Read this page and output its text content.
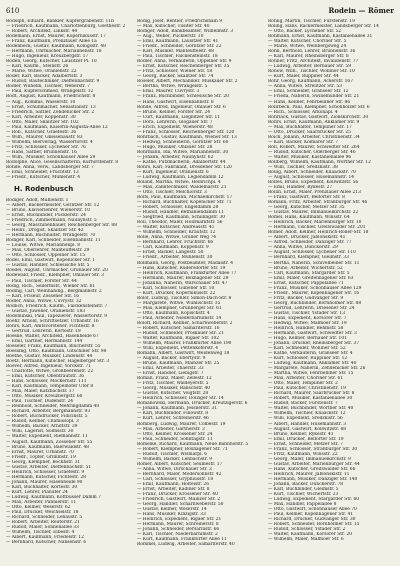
610	Rodein — Römer
Rodolph, Eduard, Bankier, Kupfergrabenstr. 11b
— Friedrich, Kaufmann, Charlottenburg, Goethestr. 2
— Robert, Architekt, Linkstr. 44
Rodemann, Ernst, Maurer, Kopernikusstr. 17
— Franz, Kaufmann, Prenzlauer Allee 1a
Rodenbeck, Gustav, Kaufmann, Königsstr. 48
— Hermann, Uhrmacher, Mariannenstr. 18
— Hugo, Ingenieur, Kreuzbergstr. 17
Roden, Georg, Kutscher, Lausitzer Pl. 10
— Karl, Kaufm., Steinstr. 26
— Marie, Witwe, Oranienstr. 22
Roder, Karl, Bäcker, Adalbertstr. 3
— Rudolf, Bautechniker, Dieffenbachstr. 9
Rodler, Wilhelm, Tischler, Weberstr. 7
— Paul, Kupferschmied, Wrangelstr. 12
Rodt, August, Kaufmann, Friedrichstr. 8
— Aug., Kommis, Wasserstr. 10
— Ernst, Schuhmacher, Sebastianstr. 13
— Friedrich, Sattler, Zehdenicker Str. 2
— Karl, Arbeiter, Koppenstr. 30
— Otto, Maler, Skalitzer Str. 102
— Paul, Kaufmann, Kaiserin-Augusta-Allee 12
— Rob., Kutscher, Graefestr. 36
— Wilh., Maurer, Gneisenaustr. 83
— Wilhelm, Bierverlag, Wassertorstr. 4
— Fritz, Schlosser, Lychener Str. 76
— Hans, Sattler, Brunnenstr. 16
— Wilh., Musiker, Schönhauser Allee 59
Rodolphe, Alice, Gesellschafterin, Kurfürstenstr. 8
Rohde, Anna, Verw., Landsberger Str. 7
— Emil, Schneider, Fruchtstr. 13
— Friedr., Kutscher, Mühlenstr. 4
H. Rodenbusch
Rödiger, Adolf, Mühlenstr. 1
— Albert, Bäckermeister, Görlitzer Str. 12
— Bruno, Klavierlehrer, Wienerstr. 10
— Ernst, Buchbinder, Pücklerstr. 24
— Friedrich, Zimmermann, Naunynstr. 5
— Georg, Maschinenbauer, Reichenberger Str. 88
— Heinr., Drogist, Skalitzer Str. 42
— Hermann, Buchhalter, Wrangelstr. 70
Rödiger, Karl, Schneider, Eisenbahnstr. 11
— Louise, Witwe, Mariannenpl. 8
— Max, Oberlehrer, Manteuffelstr. 29
— Otto, Schlosser, Oppelner Str. 15
Rödel, Emil, Gastwirt, Köpenicker Str. 1
— Gustav, Händler, Schlesische Str. 5
Roedel, August, Uhrmacher, Grünauer Str. 20
Rodewald, Friedr., Klempner, Ohlauer Str. 3
— Paul, Tischler, Forster Str. 44
Rodig, Rich., Seilermstr., Wiener Str. 61
Röding, Carl, Weinhandlg., Bergmannstr. 2
— Karl, Friseur, Zossener Str. 16
Rodler, Anna, Witwe, Cuvrystr. 32
Rodlich, Friedrich, Kaufm., Falckensteinstr. 7
— Gustav, Juwelier, Oranienstr. 183
Rodominski, Paul, Tapezierer, Wassertorstr. 9
Roehr, Arnold, Schriftsetzer, Urbanstr. 16
Rohrs, Karl, Amtsvorsteher, Fichtestr. 8
— Gertrud, Lehrerin, Körtestr. 19
Roeske, Walter, Architekt, Hasenheide 67
— Emil, Gärtner, Hermannstr. 144
Roeseler, Franz, Kaufmann, Blücherstr. 55
Roessing, Otto, Kaufmann, Gitschiner Str. 98
Roethe, Gustav, Musiker, Lindenstr. 44
Roetz, Hermann, Kutscher, Hagelberger Str. 3
Roever, Alfred, Ingenieur, Yorckstr. 71
— Charlotte, Witwe, Großbeerenstr. 22
— Emil, Kutscher, Obentrautstr. 36
— Hans, Schlosser, Möckernstr. 111
— Karl, Kaufmann, Tempelhofer Ufer 8
— Max, Maler, Katzbachstr. 17
— Otto, Musiker, Kreuzbergstr. 60
— Paul, Tischler, Dudenstr. 24
— Reinhold, Schneider, Mehringdamm 40
— Richard, Arbeiter, Bergmannstr. 93
— Robert, Buchdrucker, Fidicinstr. 5
— Rudolf, Kellner, Chamissopl. 3
— Wilhelm, Bäcker, Arndtstr. 39
— Willi, Lagerist, Solmsstr. 30
— Walter, Expedient, Riemannstr. 11
— August, Kaufmann, Zossener Str. 55
— Bruno, Kaufmann, Baerwaldstr. 48
— Ernst, Maurer, Urbanstr. 70
— Friedr., Töpfer, Grimmstr. 19
— Georg, Klempner, Böckhstr. 31
— Gustav, Arbeiter, Dieffenbachstr. 51
— Heinrich, Schlosser, Graefestr. 9
— Hermann, Kutscher, Fichtestr. 28
— Johann, Maurer, Hasenheide 90
— Karl, Buchhalter, Körtestr. 30
— Kurt, Lehrer, Planufer 24
— Ludwig, Kaufmann, Kottbusser Damm 7
— Max, Arbeiter, Pannierstr. 11
— Otto, Kellner, Weserstr. 62
— Paul, Drucker, Weichselstr. 18
— Richard, Schneider, Lenaustr. 5
— Robert, Arbeiter, Reuterstr. 21
— Rudolf, Maler, Sonnenallee 33
— Wilhelm, Tischler, Elbestr. 4
— Albert, Kaufmann, Friedelstr. 12
— Bernhard, Kutscher, Nansenstr. 6
Rodig, Josef, Rentier, Friedrichshain 9
— Max, Kutscher, Tilsiter Str. 40
Rödiger, Adolf, Bankbeamter, Wilhelmstr. 3
— Aug., Weber, Pücklerstr. 10
— Emil, Kaufmann, Lausitzer Str. 41
— Friedr., Schneider, Görlitzer Str. 22
— Karl, Musiker, Manteuffelstr. 48
— Paul, Tischler, Falckensteinstr. 18
Rödler, Anna, Verkäuferin, Oppelner Str. 9
— Ernst, Kutscher, Reichenberger Str. 35
— Fritz, Schlosser, Wiener Str. 18
— Georg, Bäcker, Skalitzer Str. 74
Röseler, Albert, Mechaniker, Muskauer Str. 2
— Bertha, Witwe, Wrangelstr. 5
— Emil, Maurer, Cuvrystr. 3
— Franz, Buchbinder, Schlesische Str. 20
— Hans, Gastwirt, Eisenbahnstr. 8
Rohde, Alfred, Ingenieur, Ohlauer Str. 6
— Bruno, Kellner, Forster Str. 24
— Curt, Kaufmann, Liegnitzer Str. 11
— Dora, Lehrerin, Glogauer Str. 7
— Erich, Expedient, Wienerstr. 48
— Franz, Schlosser, Reichenberger Str. 120
Rohrbach, Gustav, Kaufmann, Wiener Str. 13
— Hedwig, Schneiderin, Görlitzer Str. 60
— Hugo, Musiker, Ohlauer Str. 28
Rohrmann, Ida, Witwe, Mariannenstr. 30
— Johann, Arbeiter, Naunynstr. 62
— Käthe, Putzmacherin, Adalbertstr. 44
Rohrs, Karl, Fabrikant, Dresdener Str. 120
— Kurt, Ingenieur, Oranienstr. 6
— Ludwig, Kaufmann, Legiendamm 12
Roland, Martha, Witwe, Heinrichpl. 4
— Max, Zahntechniker, Waldemarstr. 21
— Otto, Tischler, Melchiorstr. 3
Rolfs, Paul, Kaufmann, Michaelkirchstr. 17
— Richard, Buchhalter, Köpenicker Str. 71
— Robert, Schlosser, Engeldamm 28
— Rudolf, Händler, Bethaniendamm 11
— Siegfried, Kaufmann, Schillingstr. 30
Roll, Theodor, Maler, Holzmarktstr. 56
— Walter, Kutscher, Andreasstr. 41
— Wilhelm, Schneider, Krautstr. 12
Rolle, Anna, Witwe, Grüner Weg 74
— Bernhard, Lehrer, Fruchtstr. 66
— Carl, Kaufmann, Koppenstr. 9
— Ernst, Bäcker, Langestr. 50
— Friedr., Arbeiter, Mühlenstr. 30
Rollmann, Georg, Postbeamter, Madaistr. 4
— Hans, Kutscher, Rüdersdorfer Str. 19
— Heinrich, Kaufmann, Frankfurter Allee 77
— Hermann, Maurer, Boxhagener Str. 29
— Johanna, Näherin, Warschauer Str. 47
— Karl, Schlosser, Gubener Str. 10
— Kurt, Drucker, Kopernikusstr. 22
Rolof, Ludwig, Tischler, Simon-Dach-Str. 8
— Margarete, Witwe, Wühlischstr. 35
— Max, Klempner, Grünberger Str. 61
— Otto, Kaufmann, Kopischstr. 4
— Paul, Arbeiter, Niederbarnimstr. 14
Roloff, Richard, Kellner, Scharnweberstr. 2
— Robert, Kutscher, Samariterstr. 16
— Rudolf, Schneider, Proskauer Str. 21
— Walter, Kaufmann, Rigaer Str. 102
— Wilhelm, Maurer, Frankfurter Allee 190
— Willi, Expedient, Pettenkoferstr. 4
Romahn, Albert, Gastwirt, Weidenweg 18
— August, Bäcker, Ebertystr. 9
— Bruno, Kaufmann, Mainzer Str. 25
— Emil, Arbeiter, Thaerstr. 33
— Ernst, Händler, Liebigstr. 7
Roman, Franz, Maler, Zellestr. 12
— Fritz, Tischler, Waldeyerstr. 5
— Georg, Musiker, Bänschstr. 40
— Gustav, Kutscher, Voigtstr. 28
— Heinrich, Schlosser, Dolziger Str. 14
Romanowski, Hermann, Drucker, Kreutzigerstr. 6
— Johann, Kaufmann, Jessnerstr. 31
— Karl, Buchbinder, Finowstr. 8
— Kurt, Lehrer, Schreinerstr. 46
Romberg, Ludwig, Maurer, Colbestr. 19
— Max, Arbeiter, Gärtnerstr. 3
— Otto, Kellner, Krossener Str. 24
— Paul, Schneider, Sonntagstr. 11
Romeike, Richard, Kaufmann, Neue Bahnhofstr. 5
— Robert, Klempner, Boxhagener Str. 71
— Rudolf, Tischler, Wismarpl. 6
— Wilhelm, Bäcker, Lenbachstr. 9
Römer, Albert, Kutscher, Seumestr. 17
— Anna, Witwe, Dirschauer Str. 3
— Bernhard, Maler, Modersohnstr. 42
— Carl, Schlosser, Gryphiusstr. 18
— Emil, Kaufmann, Holteistr. 26
— Ernst, Arbeiter, Kadiner Str. 8
— Franz, Drucker, Krossener Str. 40
— Friedrich, Gastwirt, Mainzer Str. 2
— Georg, Händler, Scharnweberstr. 50
— Gustav, Kellner, Weserstr. 14
— Hans, Musiker, Kinzigstr. 33
— Heinrich, Expedient, Rigaer Str. 21
— Hermann, Maurer, Schreinerstr. 8
— Johann, Schneider, Bersarinstr. 66
— Karl, Tischler, Niederbarnimstr. 2
— Kurt, Kaufmann, Frankfurter Allee 11
Rommel, Ludwig, Arbeiter, Samariterstr. 40
Röhlig, Martin, Tischler, Fürstenstr. 19
Röling, Hans, Bäckermeister, Landsberger Str. 14
— Otto, Bäcker, Lychener Str. 52
Rohmann, Ernst, Kaufmann, Kastanienallee 31
— Walter, Kutscher, Choriner Str. 5
— Marie, Witwe, Weinbergsweg 24
Rohn, Berthold, Lehrer, Brunnenstr. 36
— Karl, Maurer, Rheinsberger Str. 8
Rohner, Fritz, Architekt, Invalidenstr. 77
— Ludwig, Arbeiter, Bernauer Str. 59
Rohow, Wilh., Tischler, Wolliner Str. 10
— Kurt, Maler, Ruppiner Str. 44
Rohr, Georg, Kaufmann, Ackerstr. 167
— Anna, Witwe, Strelitzer Str. 53
— Emil, Schneider, Granseer Str. 12
— Frieda, Näherin, Swinemünder Str. 21
— Hans, Kellner, Fehrbelliner Str. 86
Rohrbeck, Paul, Klempner, Schönholzer Str. 6
— Rich., Schlosser, Arkonapl. 4
Rohrlack, Gustav, Gastwirt, Zionskirchstr. 30
Röhrs, Ernst, Kaufmann, Anklamer Str. 9
— Max, Buchhalter, Templiner Str. 17
— Otto, Drucker, Saarbrücker Str. 25
Roick, Johann, Arbeiter, Christinenstr. 34
— Karl, Bäcker, Kolmarer Str. 7
Röll, Robert, Maurer, Schwedter Str. 264
— Rudolf, Kutscher, Oderberger Str. 46
— Walter, Musiker, Kastanienallee 96
Rollberg, Wilhelm, Kaufmann, Wörther Str. 12
— Willi, Tischler, Sredzkistr. 38
Röllig, Albert, Schneider, Knaackstr. 70
— August, Schlosser, Husemannstr. 14
Rolfes, Bruno, Expedient, Kollwitzstr. 56
— Emil, Händler, Rykestr. 27
Rollin, Ernst, Maler, Prenzlauer Allee 213
— Franz, Gastwirt, Belforter Str. 8
Romann, Fritz, Arbeiter, Straßburger Str. 46
— Georg, Kutscher, Metzer Str. 35
— Gustav, Maurer, Immanuelkirchstr. 22
Römel, Hans, Kaufmann, Winsstr. 64
— Heinrich, Bäcker, Marienburger Str. 10
— Hermann, Tischler, Greifswalder Str. 201
Römer, Adolf, Kellner, Heinrich-Roller-Str. 18
— Albert, Drucker, Jablonskistr. 41
— Alfred, Schneider, Danziger Str. 77
— Anna, Witwe, Dunckerstr. 29
— August, Schlosser, Lychener Str. 110
— Bernhard, Klempner, Gleimstr. 33
— Bertha, Näherin, Schivelbeiner Str. 11
— Bruno, Arbeiter, Wichertstr. 52
— Carl, Kaufmann, Stargarder Str. 5
— Emil, Maler, Greifenhagener Str. 63
— Ernst, Kutscher, Pappelallee 71
— Franz, Musiker, Schönhauser Allee 129
— Friedr., Maurer, Kopenhagener Str. 16
— Fritz, Bäcker, Gudvanger Str. 9
— Georg, Buchbinder, Bornholmer Str. 88
— Gertrud, Lehrerin, Driesener Str. 24
— Gustav, Tischler, Ystader Str. 13
— Hans, Expedient, Korsörer Str. 7
— Hedwig, Witwe, Malmöer Str. 19
— Heinrich, Händler, Behmstr. 58
— Hermann, Gastwirt, Schwedter Str. 3
— Hugo, Kellner, Bernauer Str. 101
— Johann, Drucker, Rheinsberger Str. 37
— Karl, Schneider, Wolliner Str. 52
— Käthe, Verkäuferin, Granseer Str. 4
— Kurt, Schlosser, Ruppiner Str. 12
— Ludwig, Kaufmann, Anklamer Str. 40
— Margarete, Näherin, Zehdenicker Str. 26
— Martha, Witwe, Fehrbelliner Str. 15
— Max, Arbeiter, Choriner Str. 61
— Otto, Maler, Templiner Str. 2
— Paul, Kutscher, Christinenstr. 19
— Richard, Maurer, Saarbrücker Str. 8
— Robert, Musiker, Kastanienallee 30
— Rudolf, Bäcker, Fürstenstr. 7
— Walter, Buchbinder, Wörther Str. 40
— Wilhelm, Tischler, Knaackstr. 12
— Willi, Expedient, Sredzkistr. 56
— Albert, Händler, Husemannstr. 3
— August, Gastwirt, Kollwitzstr. 88
— Bruno, Kellner, Rykestr. 41
— Emil, Drucker, Belforter Str. 19
— Ernst, Schneider, Metzer Str. 7
— Franz, Schlosser, Straßburger Str. 30
— Fritz, Kaufmann, Winsstr. 22
— Georg, Maler, Immanuelkirchstr. 9
— Gustav, Arbeiter, Marienburger Str. 44
— Hans, Kutscher, Greifswalder Str. 66
— Heinrich, Maurer, Jablonskistr. 11
— Hermann, Musiker, Danziger Str. 140
— Johann, Bäcker, Dunckerstr. 78
— Karl, Buchbinder, Gleimstr. 5
— Kurt, Tischler, Wichertstr. 23
— Ludwig, Expedient, Stargarder Str. 60
— Max, Händler, Pappelallee 8
— Otto, Gastwirt, Schönhauser Allee 70
— Paul, Kellner, Kopenhagener Str. 41
— Richard, Drucker, Gudvanger Str. 30
— Robert, Schneider, Bornholmer Str. 15
— Rudolf, Schlosser, Ystader Str. 2
— Walter, Kaufmann, Korsörer Str. 20
— Wilhelm, Maler, Malmöer Str. 6
